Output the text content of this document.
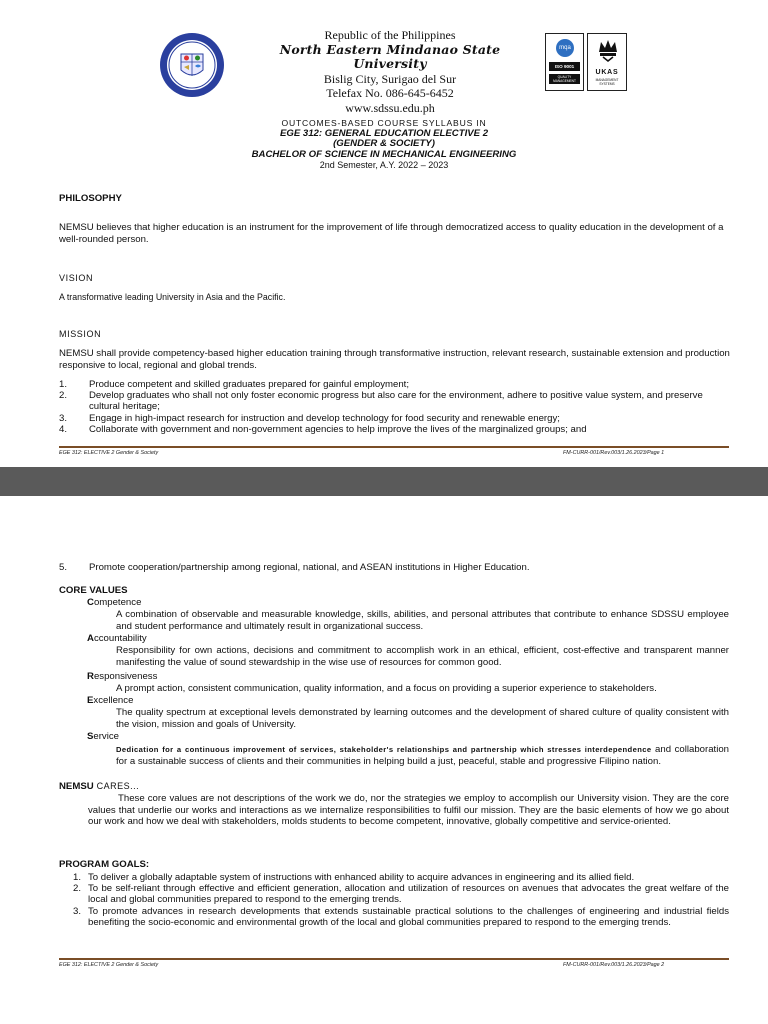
Republic of the Philippines
North Eastern Mindanao State University
Bislig City, Surigao del Sur
Telefax No. 086-645-6452
www.sdssu.edu.ph
mqa
ISO 9001
QUALITY MANAGEMENT
UKAS
MANAGEMENT SYSTEMS
OUTCOMES-BASED COURSE SYLLABUS IN
EGE 312: GENERAL EDUCATION ELECTIVE 2
(GENDER & SOCIETY)
BACHELOR OF SCIENCE IN MECHANICAL ENGINEERING
2nd Semester, A.Y. 2022 – 2023
PHILOSOPHY
NEMSU believes that higher education is an instrument for the improvement of life through democratized access to quality education in the development of a well-rounded person.
VISION
A transformative leading University in Asia and the Pacific.
MISSION
NEMSU shall provide competency-based higher education training through transformative instruction, relevant research, sustainable extension and production responsive to local, regional and global trends.
1. Produce competent and skilled graduates prepared for gainful employment;
2. Develop graduates who shall not only foster economic progress but also care for the environment, adhere to positive value system, and preserve cultural heritage;
3. Engage in high-impact research for instruction and develop technology for food security and renewable energy;
4. Collaborate with government and non-government agencies to help improve the lives of the marginalized groups; and
EGE 312: ELECTIVE 2 Gender & Society	FM-CURR-001/Rev.003/1.26.2023/Page 1
5. Promote cooperation/partnership among regional, national, and ASEAN institutions in Higher Education.
CORE VALUES
Competence
A combination of observable and measurable knowledge, skills, abilities, and personal attributes that contribute to enhance SDSSU employee and student performance and ultimately result in organizational success.
Accountability
Responsibility for own actions, decisions and commitment to accomplish work in an ethical, efficient, cost-effective and transparent manner manifesting the value of sound stewardship in the wise use of resources for common good.
Responsiveness
A prompt action, consistent communication, quality information, and a focus on providing a superior experience to stakeholders.
Excellence
The quality spectrum at exceptional levels demonstrated by learning outcomes and the development of shared culture of quality consistent with the vision, mission and goals of University.
Service
Dedication for a continuous improvement of services, stakeholder's relationships and partnership which stresses interdependence and collaboration for a sustainable success of clients and their communities in helping build a just, peaceful, stable and progressive Filipino nation.
NEMSU CARES...
These core values are not descriptions of the work we do, nor the strategies we employ to accomplish our University vision. They are the core values that underlie our works and interactions as we internalize responsibilities to fulfil our mission. They are the basic elements of how we go about our work and how we deal with stakeholders, molds students to become competent, innovative, globally competitive and service-oriented.
PROGRAM GOALS:
1. To deliver a globally adaptable system of instructions with enhanced ability to acquire advances in engineering and its allied field.
2. To be self-reliant through effective and efficient generation, allocation and utilization of resources on avenues that advocates the great welfare of the local and global communities prepared to respond to the emerging trends.
3. To promote advances in research developments that extends sustainable practical solutions to the challenges of engineering and industrial fields benefiting the socio-economic and environmental growth of the local and global communities prepared to respond to the emerging trends.
EGE 312: ELECTIVE 2 Gender & Society	FM-CURR-001/Rev.003/1.26.2023/Page 2
